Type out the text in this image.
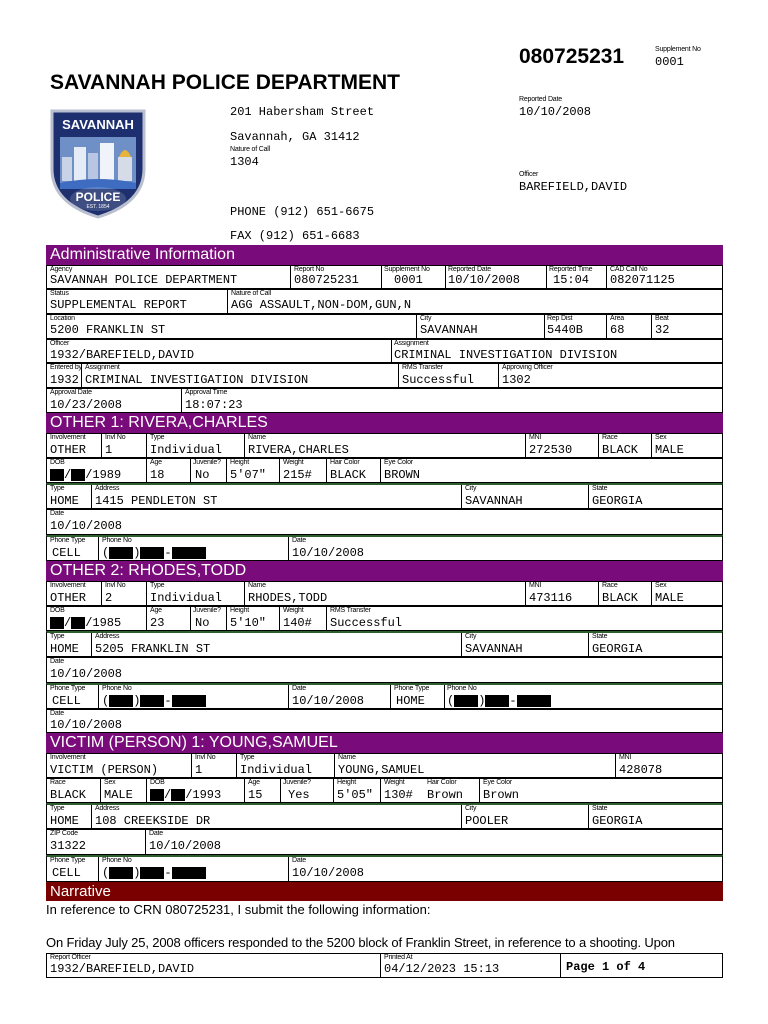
080725231	Supplement No
0001
SAVANNAH POLICE DEPARTMENT
SAVANNAH
POLICE
EST. 1854
201 Habersham Street
Savannah, GA 31412
Nature of Call
1304
PHONE (912) 651-6675
FAX (912) 651-6683
Reported Date
10/10/2008
Officer
BAREFIELD,DAVID
Administrative Information
Agency
SAVANNAH POLICE DEPARTMENT
Report No
080725231
Supplement No
0001
Reported Date
10/10/2008
Reported Time
15:04
CAD Call No
082071125
Status
SUPPLEMENTAL REPORT
Nature of Call
AGG ASSAULT,NON-DOM,GUN,N
Location
5200 FRANKLIN ST
City
SAVANNAH
Rep Dist
5440B
Area
68
Beat
32
Officer
1932/BAREFIELD,DAVID
Assignment
CRIMINAL INVESTIGATION DIVISION
Entered by
1932
Assignment
CRIMINAL INVESTIGATION DIVISION
RMS Transfer
Successful
Approving Officer
1302
Approval Date
10/23/2008
Approval Time
18:07:23
OTHER 1: RIVERA,CHARLES
Involvement
OTHER
Invl No
1
Type
Individual
Name
RIVERA,CHARLES
MNI
272530
Race
BLACK
Sex
MALE
DOB
/ /1989
Age
18
Juvenile?
No
Height
5'07"
Weight
215#
Hair Color
BLACK
Eye Color
BROWN
Type
HOME
Address
1415 PENDLETON ST
City
SAVANNAH
State
GEORGIA
Date
10/10/2008
Phone Type
CELL
Phone No
( ) -
Date
10/10/2008
OTHER 2: RHODES,TODD
Involvement
OTHER
Invl No
2
Type
Individual
Name
RHODES,TODD
MNI
473116
Race
BLACK
Sex
MALE
DOB
/ /1985
Age
23
Juvenile?
No
Height
5'10"
Weight
140#
RMS Transfer
Successful
Type
HOME
Address
5205 FRANKLIN ST
City
SAVANNAH
State
GEORGIA
Date
10/10/2008
Phone Type
CELL
Phone No
( ) -
Date
10/10/2008
Phone Type
HOME
Phone No
( ) -
Date
10/10/2008
VICTIM (PERSON) 1: YOUNG,SAMUEL
Involvement
VICTIM (PERSON)
Invl No
1
Type
Individual
Name
YOUNG,SAMUEL
MNI
428078
Race
BLACK
Sex
MALE
DOB
/ /1993
Age
15
Juvenile?
Yes
Height
5'05"
Weight
130#
Hair Color
Brown
Eye Color
Brown
Type
HOME
Address
108 CREEKSIDE DR
City
POOLER
State
GEORGIA
ZIP Code
31322
Date
10/10/2008
Phone Type
CELL
Phone No
( ) -
Date
10/10/2008
Narrative
In reference to CRN 080725231, I submit the following information:
On Friday July 25, 2008 officers responded to the 5200 block of Franklin Street, in reference to a shooting. Upon
Report Officer
1932/BAREFIELD,DAVID
Printed At
04/12/2023 15:13	Page 1 of 4
